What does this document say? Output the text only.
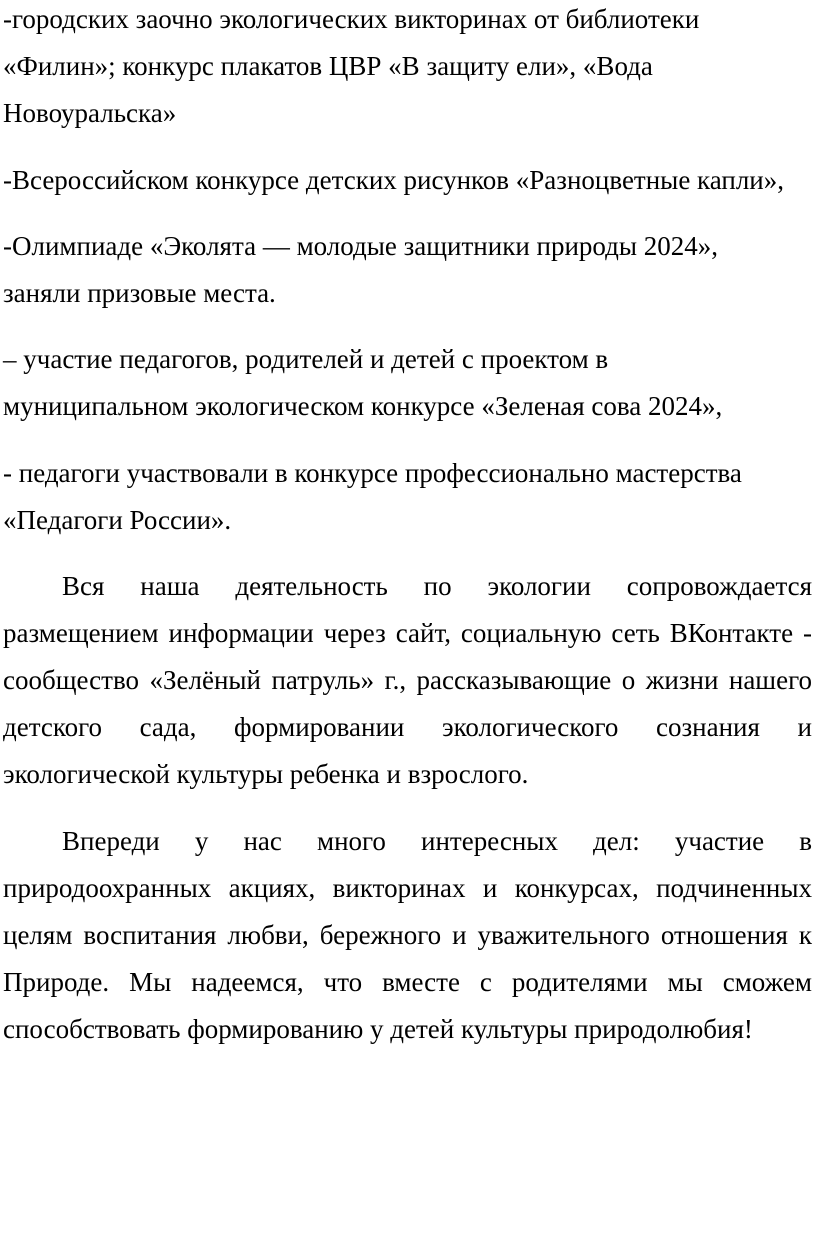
-городских заочно экологических викторинах от библиотеки
«Филин»; конкурс плакатов ЦВР «В защиту ели», «Вода
Новоуральска»
-Всероссийском конкурсе детских рисунков «Разноцветные капли»,
-Олимпиаде «Эколята — молодые защитники природы 2024»,
заняли призовые места.
– участие педагогов, родителей и детей с проектом в
муниципальном экологическом конкурсе «Зеленая сова 2024»,
- педагоги участвовали в конкурсе профессионально мастерства
«Педагоги России».
Вся наша деятельность по экологии сопровождается
размещением информации через сайт, социальную сеть ВКонтакте -
сообщество «Зелёный патруль» г., рассказывающие о жизни нашего
детского сада, формировании экологического сознания и
экологической культуры ребенка и взрослого.
Впереди у нас много интересных дел: участие в
природоохранных акциях, викторинах и конкурсах, подчиненных
целям воспитания любви, бережного и уважительного отношения к
Природе. Мы надеемся, что вместе с родителями мы сможем
способствовать формированию у детей культуры природолюбия!
